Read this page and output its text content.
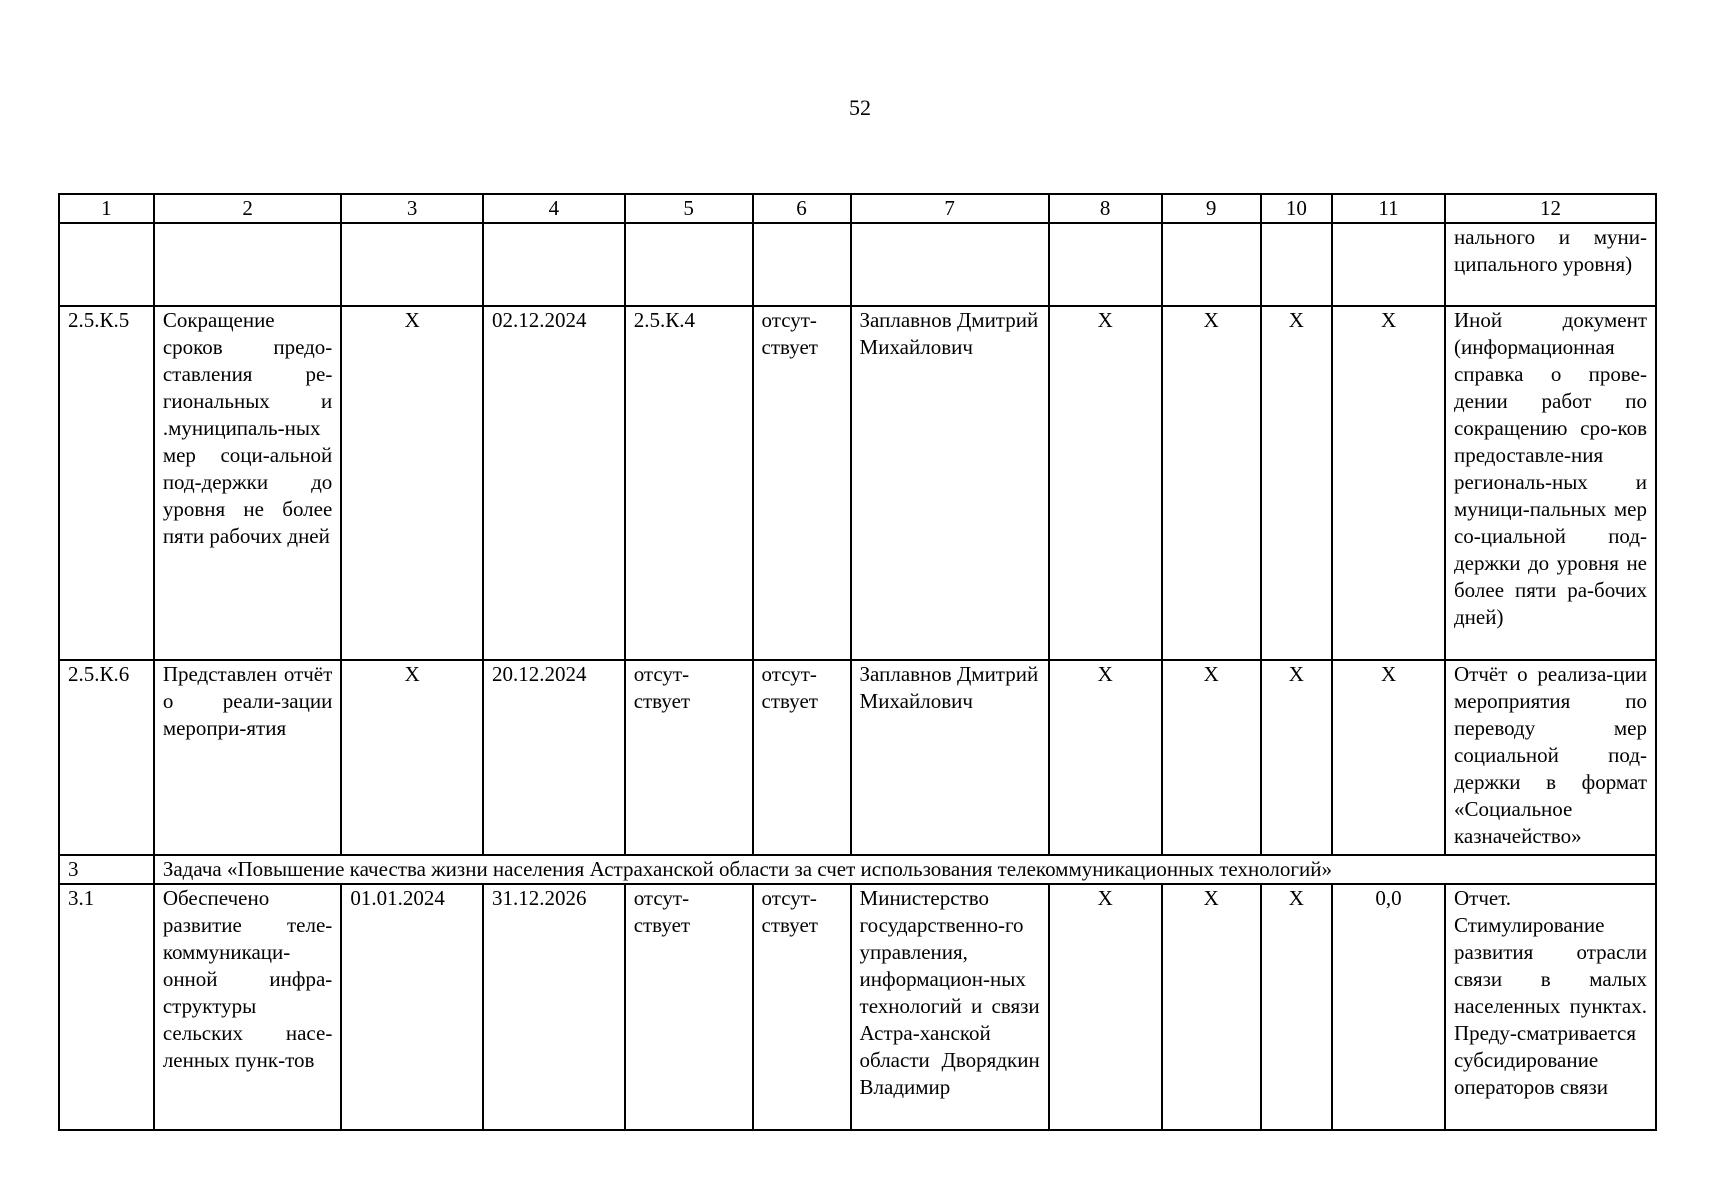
52
1	2	3	4	5	6	7	8	9	10	11	12
											нального и муни-ципального уровня)
2.5.К.5	Сокращение сроков предо-ставления ре-гиональных и .муниципаль-ных мер соци-альной под-держки до уровня не более пяти рабочих дней	Х	02.12.2024	2.5.К.4	отсут-ствует	Заплавнов Дмитрий Михайлович	Х	Х	Х	Х	Иной документ (информационная справка о прове-дении работ по сокращению сро-ков предоставле-ния региональ-ных и муници-пальных мер со-циальной под-держки до уровня не более пяти ра-бочих дней)
2.5.К.6	Представлен отчёт о реали-зации меропри-ятия	Х	20.12.2024	отсут-ствует	отсут-ствует	Заплавнов Дмитрий Михайлович	Х	Х	Х	Х	Отчёт о реализа-ции мероприятия по переводу мер социальной под-держки в формат «Социальное казначейство»
3	Задача «Повышение качества жизни населения Астраханской области за счет использования телекоммуникационных технологий»										
3.1	Обеспечено развитие теле-коммуникаци-онной инфра-структуры сельских насе-ленных пунк-тов	01.01.2024	31.12.2026	отсут-ствует	отсут-ствует	Министерство государственно-го управления, информацион-ных технологий и связи Астра-ханской области Дворядкин Владимир	Х	Х	Х	0,0	Отчет. Стимулирование развития отрасли связи в малых населенных пунктах. Преду-сматривается субсидирование операторов связи
